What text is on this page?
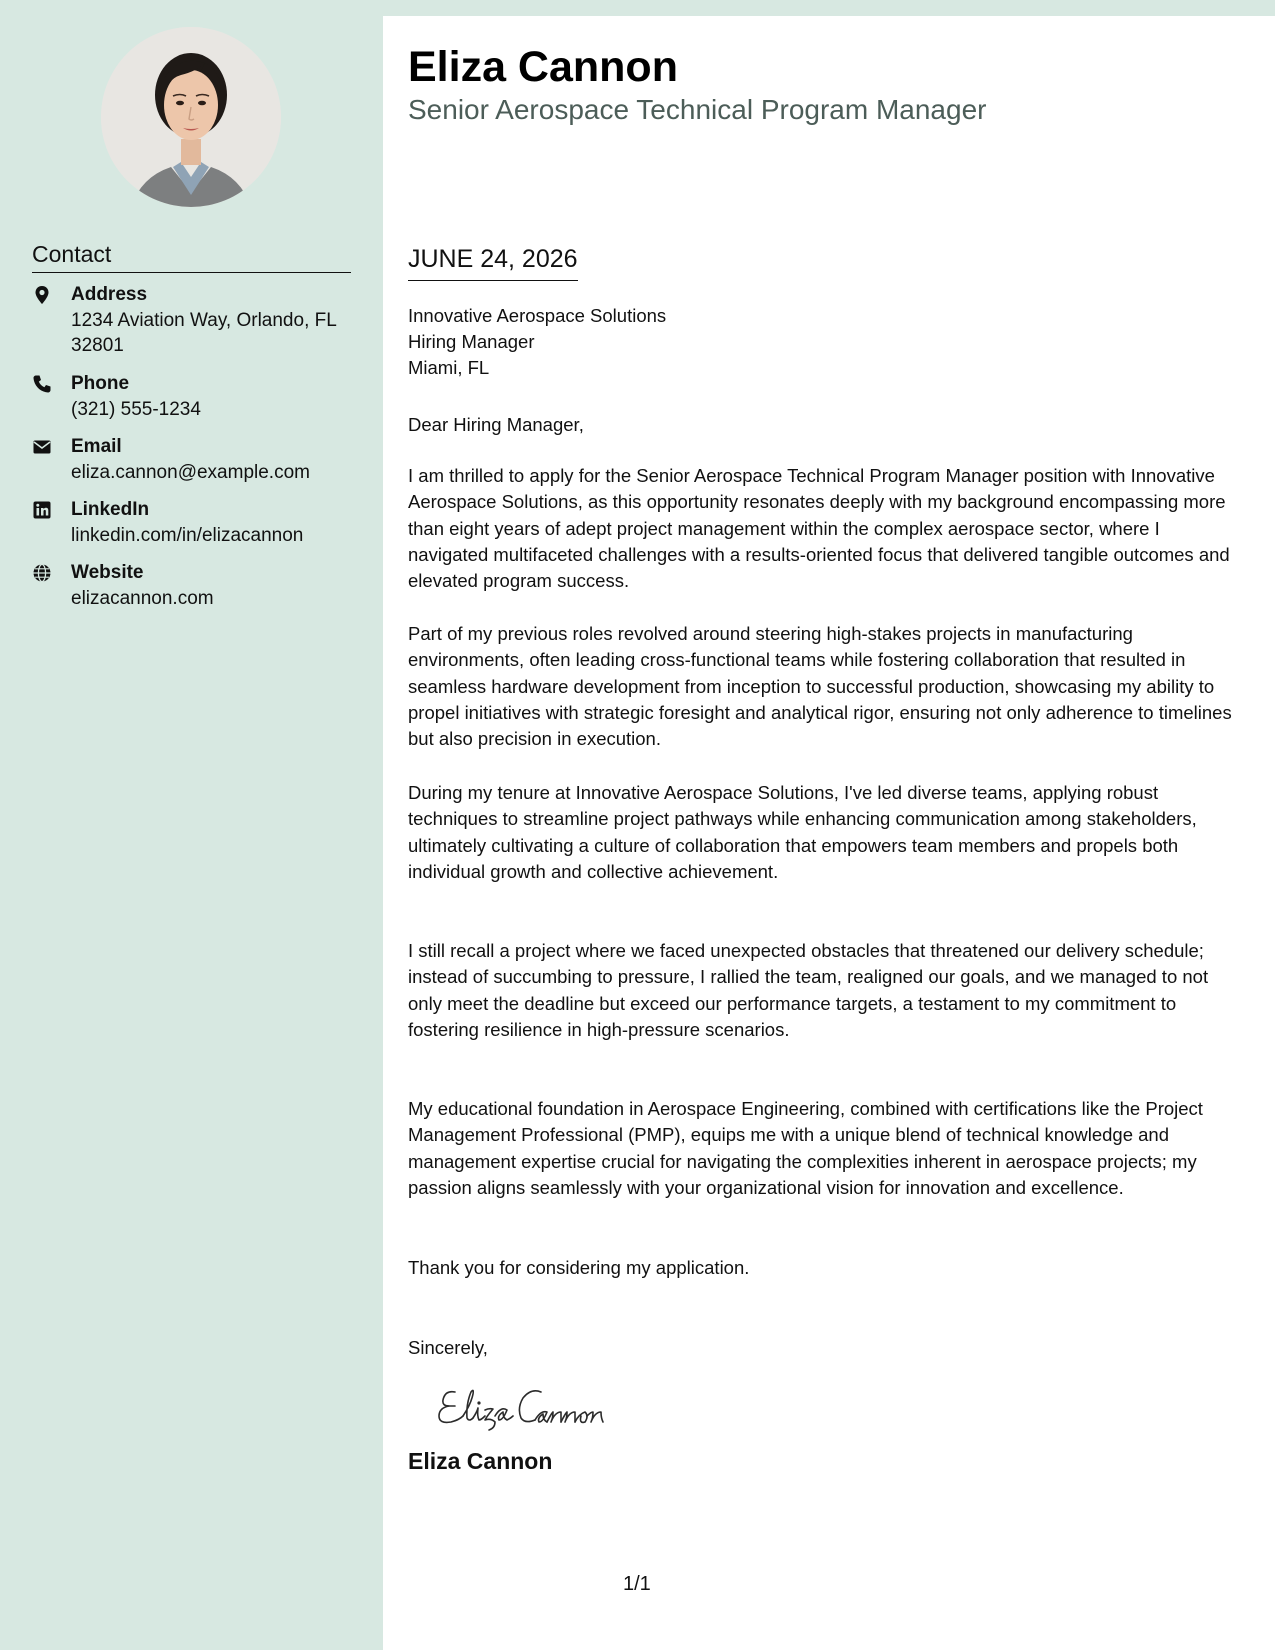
Contact
Address
1234 Aviation Way, Orlando, FL 32801
Phone
(321) 555-1234
Email
eliza.cannon@example.com
LinkedIn
linkedin.com/in/elizacannon
Website
elizacannon.com
Eliza Cannon
Senior Aerospace Technical Program Manager
JUNE 24, 2026
Innovative Aerospace Solutions
Hiring Manager
Miami, FL

Dear Hiring Manager,

I am thrilled to apply for the Senior Aerospace Technical Program Manager position with Innovative Aerospace Solutions, as this opportunity resonates deeply with my background encompassing more than eight years of adept project management within the complex aerospace sector, where I navigated multifaceted challenges with a results-oriented focus that delivered tangible outcomes and elevated program success.

Part of my previous roles revolved around steering high-stakes projects in manufacturing environments, often leading cross-functional teams while fostering collaboration that resulted in seamless hardware development from inception to successful production, showcasing my ability to propel initiatives with strategic foresight and analytical rigor, ensuring not only adherence to timelines but also precision in execution.

During my tenure at Innovative Aerospace Solutions, I've led diverse teams, applying robust techniques to streamline project pathways while enhancing communication among stakeholders, ultimately cultivating a culture of collaboration that empowers team members and propels both individual growth and collective achievement.

I still recall a project where we faced unexpected obstacles that threatened our delivery schedule; instead of succumbing to pressure, I rallied the team, realigned our goals, and we managed to not only meet the deadline but exceed our performance targets, a testament to my commitment to fostering resilience in high-pressure scenarios.

My educational foundation in Aerospace Engineering, combined with certifications like the Project Management Professional (PMP), equips me with a unique blend of technical knowledge and management expertise crucial for navigating the complexities inherent in aerospace projects; my passion aligns seamlessly with your organizational vision for innovation and excellence.

Thank you for considering my application.

Sincerely,

Eliza Cannon
1/1
